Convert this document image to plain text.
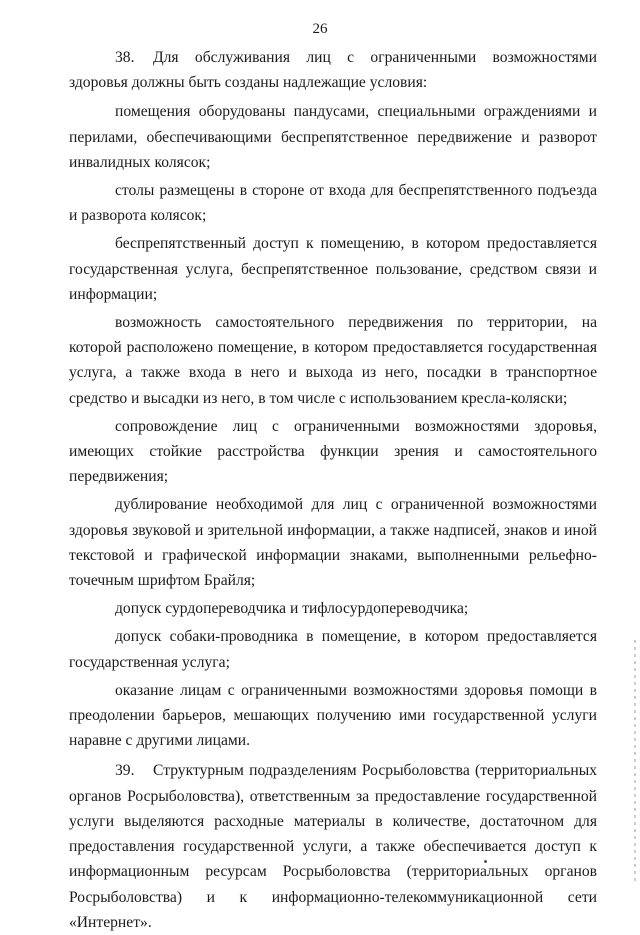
26

38. Для обслуживания лиц с ограниченными возможностями здоровья должны быть созданы надлежащие условия:

помещения оборудованы пандусами, специальными ограждениями и перилами, обеспечивающими беспрепятственное передвижение и разворот инвалидных колясок;

столы размещены в стороне от входа для беспрепятственного подъезда и разворота колясок;

беспрепятственный доступ к помещению, в котором предоставляется государственная услуга, беспрепятственное пользование, средством связи и информации;

возможность самостоятельного передвижения по территории, на которой расположено помещение, в котором предоставляется государственная услуга, а также входа в него и выхода из него, посадки в транспортное средство и высадки из него, в том числе с использованием кресла-коляски;

сопровождение лиц с ограниченными возможностями здоровья, имеющих стойкие расстройства функции зрения и самостоятельного передвижения;

дублирование необходимой для лиц с ограниченной возможностями здоровья звуковой и зрительной информации, а также надписей, знаков и иной текстовой и графической информации знаками, выполненными рельефно-точечным шрифтом Брайля;

допуск сурдопереводчика и тифлосурдопереводчика;

допуск собаки-проводника в помещение, в котором предоставляется государственная услуга;

оказание лицам с ограниченными возможностями здоровья помощи в преодолении барьеров, мешающих получению ими государственной услуги наравне с другими лицами.

39. Структурным подразделениям Росрыболовства (территориальных органов Росрыболовства), ответственным за предоставление государственной услуги выделяются расходные материалы в количестве, достаточном для предоставления государственной услуги, а также обеспечивается доступ к информационным ресурсам Росрыболовства (территориальных органов Росрыболовства) и к информационно-телекоммуникационной сети «Интернет».
